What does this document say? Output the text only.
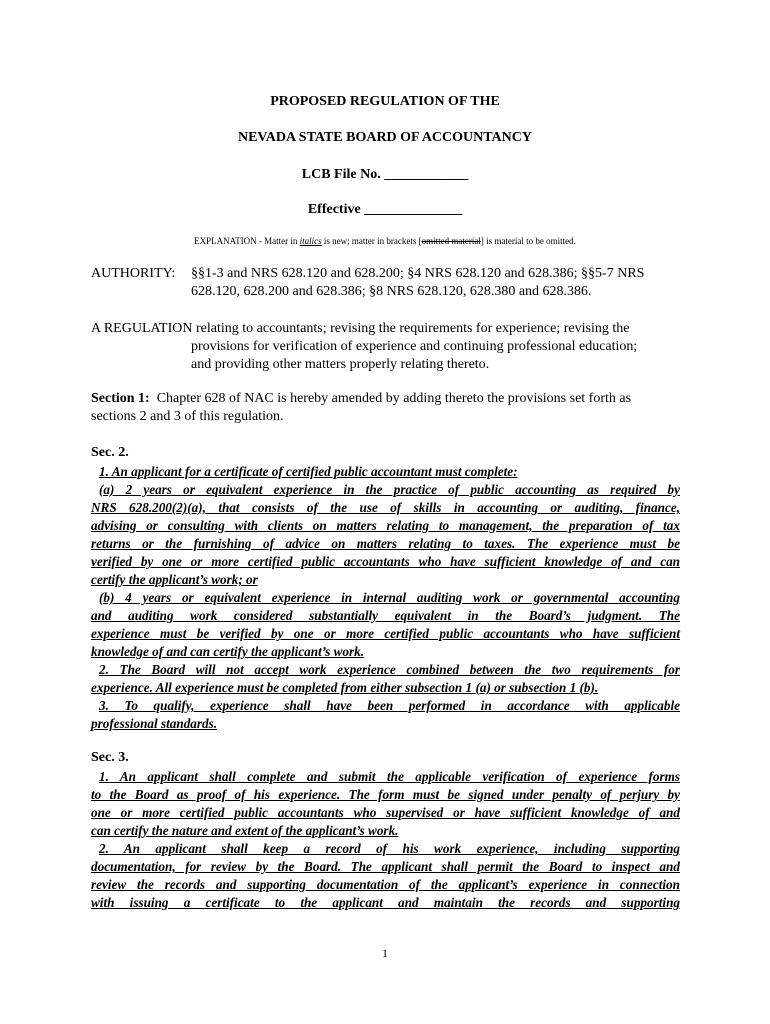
PROPOSED REGULATION OF THE
NEVADA STATE BOARD OF ACCOUNTANCY
LCB File No. ____________
Effective ______________
EXPLANATION - Matter in italics is new; matter in brackets [omitted material] is material to be omitted.
AUTHORITY: §§1-3 and NRS 628.120 and 628.200; §4 NRS 628.120 and 628.386; §§5-7 NRS
628.120, 628.200 and 628.386; §8 NRS 628.120, 628.380 and 628.386.
A REGULATION relating to accountants; revising the requirements for experience; revising the
provisions for verification of experience and continuing professional education;
and providing other matters properly relating thereto.
Section 1: Chapter 628 of NAC is hereby amended by adding thereto the provisions set forth as
sections 2 and 3 of this regulation.
Sec. 2.
1. An applicant for a certificate of certified public accountant must complete:
(a) 2 years or equivalent experience in the practice of public accounting as required by
NRS 628.200(2)(a), that consists of the use of skills in accounting or auditing, finance,
advising or consulting with clients on matters relating to management, the preparation of tax
returns or the furnishing of advice on matters relating to taxes. The experience must be
verified by one or more certified public accountants who have sufficient knowledge of and can
certify the applicant’s work; or
(b) 4 years or equivalent experience in internal auditing work or governmental accounting
and auditing work considered substantially equivalent in the Board’s judgment. The
experience must be verified by one or more certified public accountants who have sufficient
knowledge of and can certify the applicant’s work.
2. The Board will not accept work experience combined between the two requirements for
experience. All experience must be completed from either subsection 1 (a) or subsection 1 (b).
3. To qualify, experience shall have been performed in accordance with applicable
professional standards.
Sec. 3.
1. An applicant shall complete and submit the applicable verification of experience forms
to the Board as proof of his experience. The form must be signed under penalty of perjury by
one or more certified public accountants who supervised or have sufficient knowledge of and
can certify the nature and extent of the applicant’s work.
2. An applicant shall keep a record of his work experience, including supporting
documentation, for review by the Board. The applicant shall permit the Board to inspect and
review the records and supporting documentation of the applicant’s experience in connection
with issuing a certificate to the applicant and maintain the records and supporting
1
